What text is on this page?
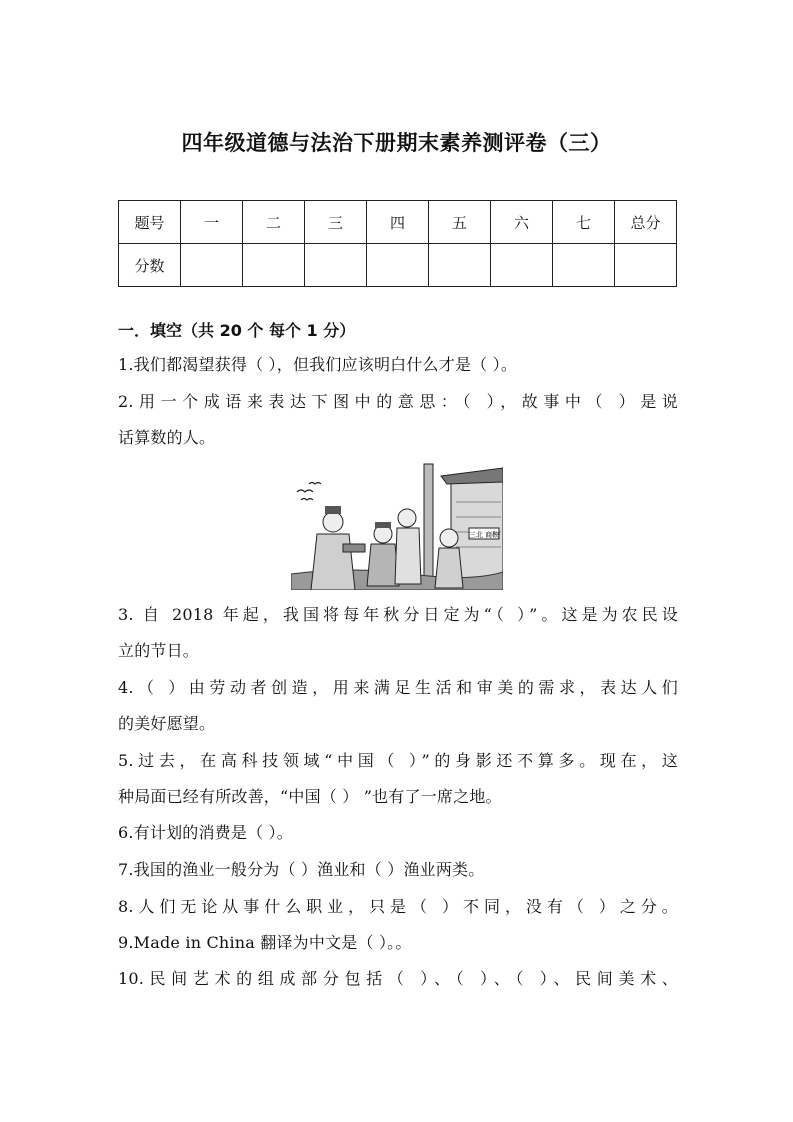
四年级道德与法治下册期末素养测评卷（三）
题号	一	二	三	四	五	六	七	总分
分数								
一．填空（共 20 个 每个 1 分）
1.我们都渴望获得（ ），但我们应该明白什么才是（ ）。
2.用一个成语来表达下图中的意思：（ ），故事中（ ）是说
话算数的人。
三北 商鞅
3. 自 2018 年起，我国将每年秋分日定为“（ ）”。这是为农民设
立的节日。
4.（ ）由劳动者创造，用来满足生活和审美的需求，表达人们
的美好愿望。
5.过去，在高科技领域“中国（ ）”的身影还不算多。现在，这
种局面已经有所改善，“中国（ ） ”也有了一席之地。
6.有计划的消费是（ ）。
7.我国的渔业一般分为（ ）渔业和（ ）渔业两类。
8.人们无论从事什么职业，只是（ ）不同，没有（ ）之分。
9.Made in China 翻译为中文是（ ）。。
10.民间艺术的组成部分包括（ ）、（ ）、（ ）、民间美术、
